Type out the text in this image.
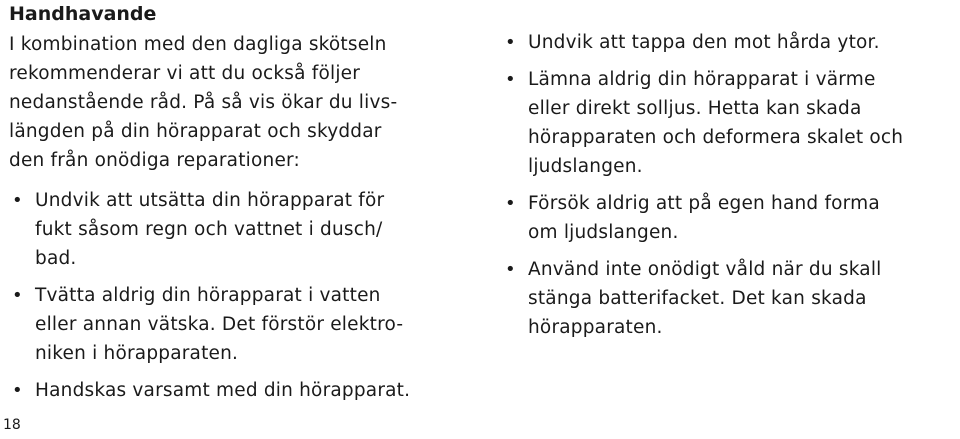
Handhavande

I kombination med den dagliga skötseln
rekommenderar vi att du också följer
nedanstående råd. På så vis ökar du livs-
längden på din hörapparat och skyddar
den från onödiga reparationer:

• Undvik att utsätta din hörapparat för
fukt såsom regn och vattnet i dusch/
bad.
• Tvätta aldrig din hörapparat i vatten
eller annan vätska. Det förstör elektro-
niken i hörapparaten.
• Handskas varsamt med din hörapparat.
• Undvik att tappa den mot hårda ytor.
• Lämna aldrig din hörapparat i värme
eller direkt solljus. Hetta kan skada
hörapparaten och deformera skalet och
ljudslangen.
• Försök aldrig att på egen hand forma
om ljudslangen.
• Använd inte onödigt våld när du skall
stänga batterifacket. Det kan skada
hörapparaten.
18
